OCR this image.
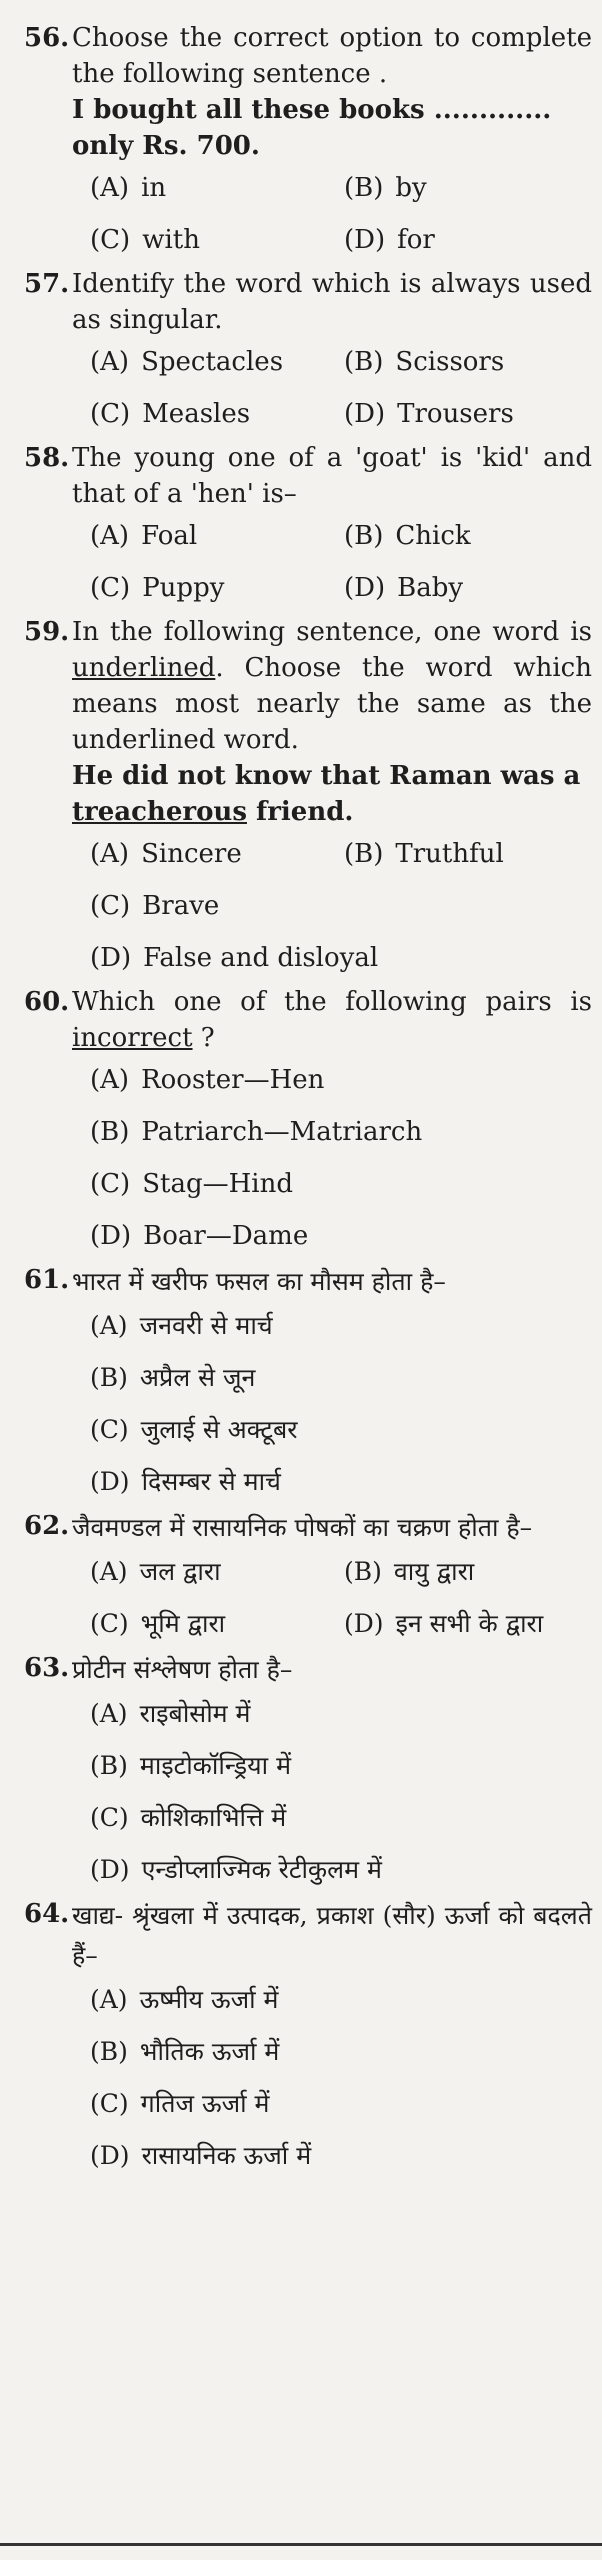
56. Choose the correct option to complete the following sentence .
I bought all these books ............. only Rs. 700.
(A) in	(B) by
(C) with	(D) for
57. Identify the word which is always used as singular.
(A) Spectacles	(B) Scissors
(C) Measles	(D) Trousers
58. The young one of a 'goat' is 'kid' and that of a 'hen' is–
(A) Foal	(B) Chick
(C) Puppy	(D) Baby
59. In the following sentence, one word is underlined. Choose the word which means most nearly the same as the underlined word.
He did not know that Raman was a treacherous friend.
(A) Sincere	(B) Truthful
(C) Brave
(D) False and disloyal
60. Which one of the following pairs is incorrect ?
(A) Rooster—Hen
(B) Patriarch—Matriarch
(C) Stag—Hind
(D) Boar—Dame
61. भारत में खरीफ फसल का मौसम होता है–
(A) जनवरी से मार्च
(B) अप्रैल से जून
(C) जुलाई से अक्टूबर
(D) दिसम्बर से मार्च
62. जैवमण्डल में रासायनिक पोषकों का चक्रण होता है–
(A) जल द्वारा	(B) वायु द्वारा
(C) भूमि द्वारा	(D) इन सभी के द्वारा
63. प्रोटीन संश्लेषण होता है–
(A) राइबोसोम में
(B) माइटोकॉन्ड्रिया में
(C) कोशिकाभित्ति में
(D) एन्डोप्लाज्मिक रेटीकुलम में
64. खाद्य- श्रृंखला में उत्पादक, प्रकाश (सौर) ऊर्जा को बदलते हैं–
(A) ऊष्मीय ऊर्जा में
(B) भौतिक ऊर्जा में
(C) गतिज ऊर्जा में
(D) रासायनिक ऊर्जा में
